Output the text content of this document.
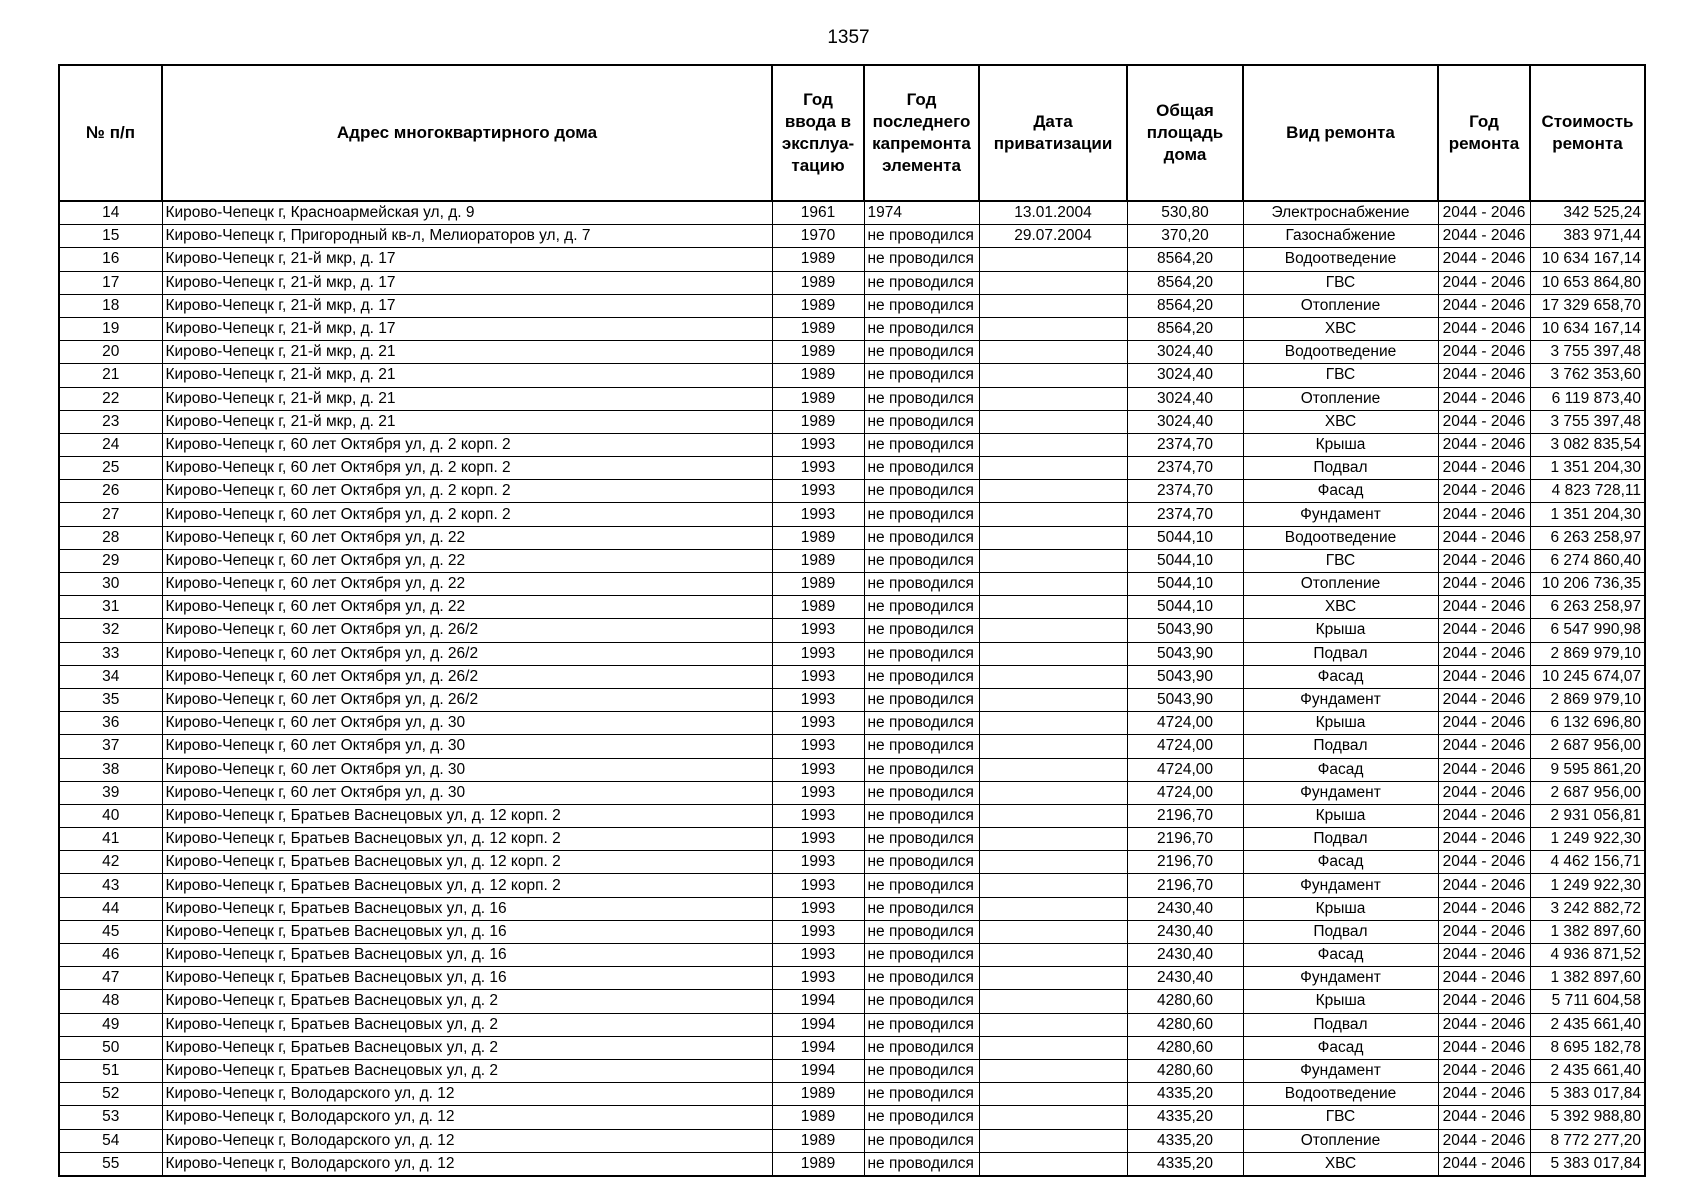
1357
№ п/п	Адрес многоквартирного дома	Год ввода в эксплуа-тацию	Год последнего капремонта элемента	Дата приватизации	Общая площадь дома	Вид ремонта	Год ремонта	Стоимость ремонта
14	Кирово-Чепецк г, Красноармейская ул, д. 9	1961	1974	13.01.2004	530,80	Электроснабжение	2044 - 2046	342 525,24
15	Кирово-Чепецк г, Пригородный кв-л, Мелиораторов ул, д. 7	1970	не проводился	29.07.2004	370,20	Газоснабжение	2044 - 2046	383 971,44
16	Кирово-Чепецк г, 21-й мкр, д. 17	1989	не проводился		8564,20	Водоотведение	2044 - 2046	10 634 167,14
17	Кирово-Чепецк г, 21-й мкр, д. 17	1989	не проводился		8564,20	ГВС	2044 - 2046	10 653 864,80
18	Кирово-Чепецк г, 21-й мкр, д. 17	1989	не проводился		8564,20	Отопление	2044 - 2046	17 329 658,70
19	Кирово-Чепецк г, 21-й мкр, д. 17	1989	не проводился		8564,20	ХВС	2044 - 2046	10 634 167,14
20	Кирово-Чепецк г, 21-й мкр, д. 21	1989	не проводился		3024,40	Водоотведение	2044 - 2046	3 755 397,48
21	Кирово-Чепецк г, 21-й мкр, д. 21	1989	не проводился		3024,40	ГВС	2044 - 2046	3 762 353,60
22	Кирово-Чепецк г, 21-й мкр, д. 21	1989	не проводился		3024,40	Отопление	2044 - 2046	6 119 873,40
23	Кирово-Чепецк г, 21-й мкр, д. 21	1989	не проводился		3024,40	ХВС	2044 - 2046	3 755 397,48
24	Кирово-Чепецк г, 60 лет Октября ул, д. 2 корп. 2	1993	не проводился		2374,70	Крыша	2044 - 2046	3 082 835,54
25	Кирово-Чепецк г, 60 лет Октября ул, д. 2 корп. 2	1993	не проводился		2374,70	Подвал	2044 - 2046	1 351 204,30
26	Кирово-Чепецк г, 60 лет Октября ул, д. 2 корп. 2	1993	не проводился		2374,70	Фасад	2044 - 2046	4 823 728,11
27	Кирово-Чепецк г, 60 лет Октября ул, д. 2 корп. 2	1993	не проводился		2374,70	Фундамент	2044 - 2046	1 351 204,30
28	Кирово-Чепецк г, 60 лет Октября ул, д. 22	1989	не проводился		5044,10	Водоотведение	2044 - 2046	6 263 258,97
29	Кирово-Чепецк г, 60 лет Октября ул, д. 22	1989	не проводился		5044,10	ГВС	2044 - 2046	6 274 860,40
30	Кирово-Чепецк г, 60 лет Октября ул, д. 22	1989	не проводился		5044,10	Отопление	2044 - 2046	10 206 736,35
31	Кирово-Чепецк г, 60 лет Октября ул, д. 22	1989	не проводился		5044,10	ХВС	2044 - 2046	6 263 258,97
32	Кирово-Чепецк г, 60 лет Октября ул, д. 26/2	1993	не проводился		5043,90	Крыша	2044 - 2046	6 547 990,98
33	Кирово-Чепецк г, 60 лет Октября ул, д. 26/2	1993	не проводился		5043,90	Подвал	2044 - 2046	2 869 979,10
34	Кирово-Чепецк г, 60 лет Октября ул, д. 26/2	1993	не проводился		5043,90	Фасад	2044 - 2046	10 245 674,07
35	Кирово-Чепецк г, 60 лет Октября ул, д. 26/2	1993	не проводился		5043,90	Фундамент	2044 - 2046	2 869 979,10
36	Кирово-Чепецк г, 60 лет Октября ул, д. 30	1993	не проводился		4724,00	Крыша	2044 - 2046	6 132 696,80
37	Кирово-Чепецк г, 60 лет Октября ул, д. 30	1993	не проводился		4724,00	Подвал	2044 - 2046	2 687 956,00
38	Кирово-Чепецк г, 60 лет Октября ул, д. 30	1993	не проводился		4724,00	Фасад	2044 - 2046	9 595 861,20
39	Кирово-Чепецк г, 60 лет Октября ул, д. 30	1993	не проводился		4724,00	Фундамент	2044 - 2046	2 687 956,00
40	Кирово-Чепецк г, Братьев Васнецовых ул, д. 12 корп. 2	1993	не проводился		2196,70	Крыша	2044 - 2046	2 931 056,81
41	Кирово-Чепецк г, Братьев Васнецовых ул, д. 12 корп. 2	1993	не проводился		2196,70	Подвал	2044 - 2046	1 249 922,30
42	Кирово-Чепецк г, Братьев Васнецовых ул, д. 12 корп. 2	1993	не проводился		2196,70	Фасад	2044 - 2046	4 462 156,71
43	Кирово-Чепецк г, Братьев Васнецовых ул, д. 12 корп. 2	1993	не проводился		2196,70	Фундамент	2044 - 2046	1 249 922,30
44	Кирово-Чепецк г, Братьев Васнецовых ул, д. 16	1993	не проводился		2430,40	Крыша	2044 - 2046	3 242 882,72
45	Кирово-Чепецк г, Братьев Васнецовых ул, д. 16	1993	не проводился		2430,40	Подвал	2044 - 2046	1 382 897,60
46	Кирово-Чепецк г, Братьев Васнецовых ул, д. 16	1993	не проводился		2430,40	Фасад	2044 - 2046	4 936 871,52
47	Кирово-Чепецк г, Братьев Васнецовых ул, д. 16	1993	не проводился		2430,40	Фундамент	2044 - 2046	1 382 897,60
48	Кирово-Чепецк г, Братьев Васнецовых ул, д. 2	1994	не проводился		4280,60	Крыша	2044 - 2046	5 711 604,58
49	Кирово-Чепецк г, Братьев Васнецовых ул, д. 2	1994	не проводился		4280,60	Подвал	2044 - 2046	2 435 661,40
50	Кирово-Чепецк г, Братьев Васнецовых ул, д. 2	1994	не проводился		4280,60	Фасад	2044 - 2046	8 695 182,78
51	Кирово-Чепецк г, Братьев Васнецовых ул, д. 2	1994	не проводился		4280,60	Фундамент	2044 - 2046	2 435 661,40
52	Кирово-Чепецк г, Володарского ул, д. 12	1989	не проводился		4335,20	Водоотведение	2044 - 2046	5 383 017,84
53	Кирово-Чепецк г, Володарского ул, д. 12	1989	не проводился		4335,20	ГВС	2044 - 2046	5 392 988,80
54	Кирово-Чепецк г, Володарского ул, д. 12	1989	не проводился		4335,20	Отопление	2044 - 2046	8 772 277,20
55	Кирово-Чепецк г, Володарского ул, д. 12	1989	не проводился		4335,20	ХВС	2044 - 2046	5 383 017,84
